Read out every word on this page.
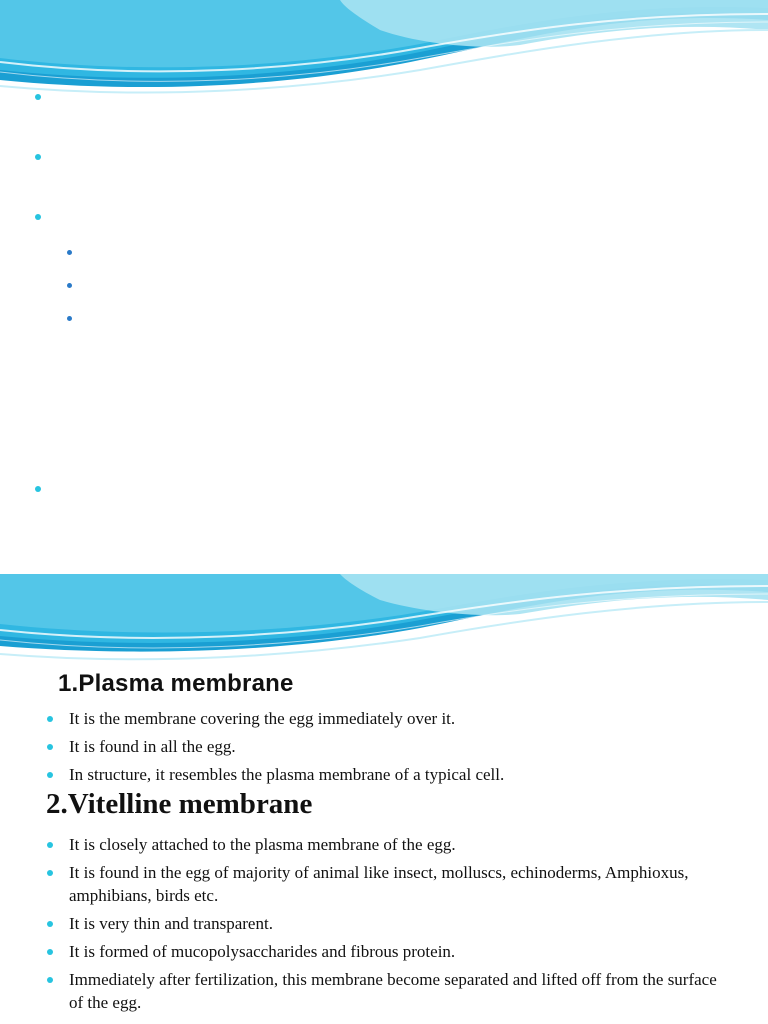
1.Plasma membrane
It is the membrane covering the egg immediately over it.
It is found in all the egg.
In structure, it resembles the plasma membrane of a typical cell.
2.Vitelline membrane
It is closely attached to the plasma membrane of the egg.
It is found in the egg of majority of animal like insect, molluscs, echinoderms, Amphioxus, amphibians, birds etc.
It is very thin and transparent.
It is formed of mucopolysaccharides and fibrous protein.
Immediately after fertilization, this membrane become separated and lifted off from the surface of the egg.
